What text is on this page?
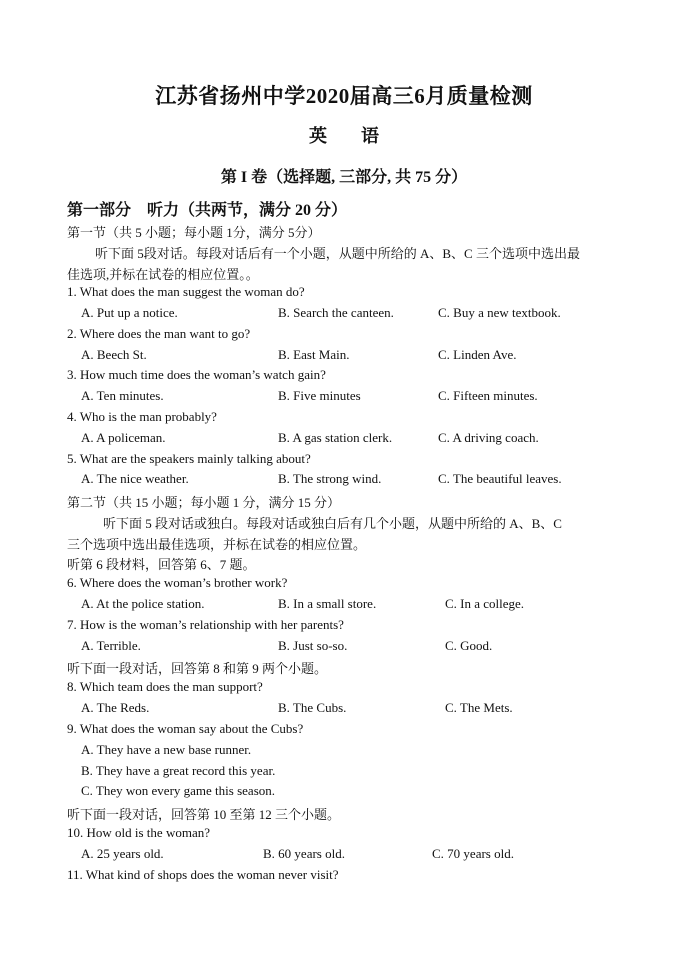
江苏省扬州中学2020届高三6月质量检测
英 语
第 I 卷（选择题, 三部分, 共 75 分）
第一部分　听力（共两节，满分 20 分）
第一节（共 5 小题；每小题 1分，满分 5分）
听下面 5段对话。每段对话后有一个小题，从题中所给的 A、B、C 三个选项中选出最
佳选项,并标在试卷的相应位置。。
1. What does the man suggest the woman do?
A. Put up a notice.	B. Search the canteen.	C. Buy a new textbook.
2. Where does the man want to go?
A. Beech St.	B. East Main.	C. Linden Ave.
3. How much time does the woman’s watch gain?
A. Ten minutes.	B. Five minutes	C. Fifteen minutes.
4. Who is the man probably?
A. A policeman.	B. A gas station clerk.	C. A driving coach.
5. What are the speakers mainly talking about?
A. The nice weather.	B. The strong wind.	C. The beautiful leaves.
第二节（共 15 小题；每小题 1 分，满分 15 分）
听下面 5 段对话或独白。每段对话或独白后有几个小题，从题中所给的 A、B、C
三个选项中选出最佳选项，并标在试卷的相应位置。
听第 6 段材料，回答第 6、7 题。
6. Where does the woman’s brother work?
A. At the police station.	B. In a small store.	C. In a college.
7. How is the woman’s relationship with her parents?
A. Terrible.	B. Just so-so.	C. Good.
听下面一段对话，回答第 8 和第 9 两个小题。
8. Which team does the man support?
A. The Reds.	B. The Cubs.	C. The Mets.
9. What does the woman say about the Cubs?
A. They have a new base runner.
B. They have a great record this year.
C. They won every game this season.
听下面一段对话，回答第 10 至第 12 三个小题。
10. How old is the woman?
A. 25 years old.	B. 60 years old.	C. 70 years old.
11. What kind of shops does the woman never visit?
